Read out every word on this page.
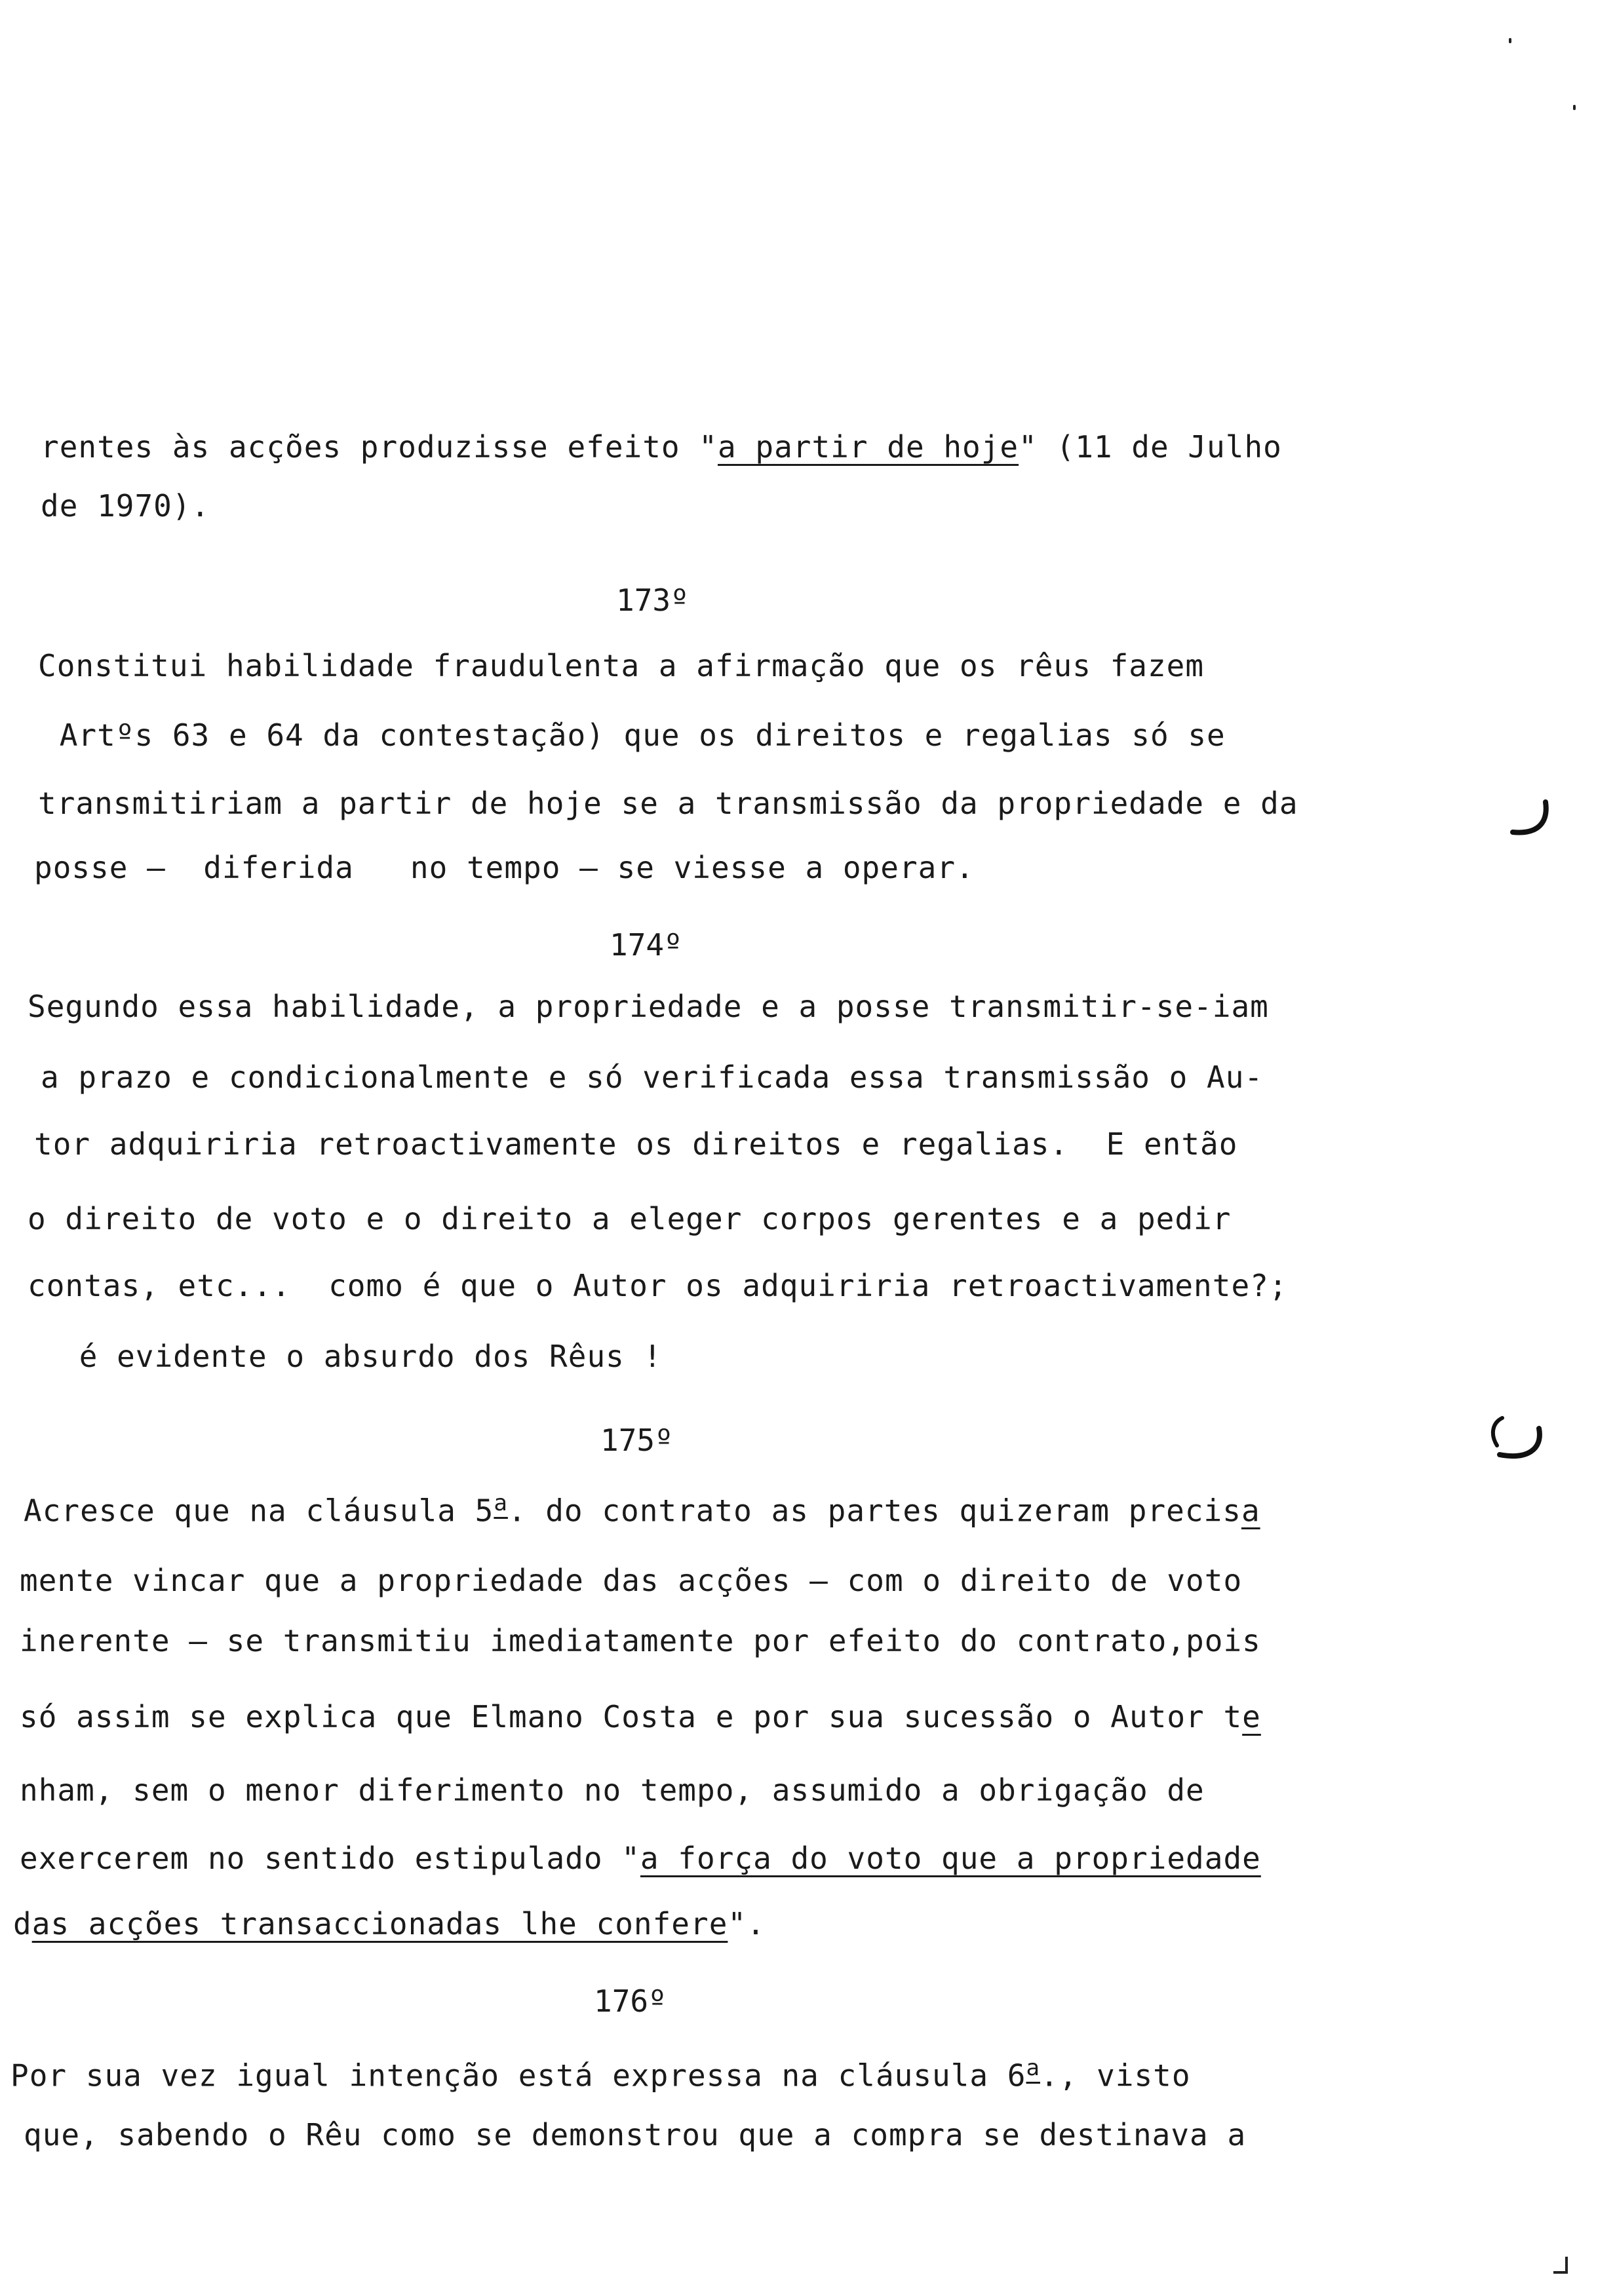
rentes às acções produzisse efeito "a partir de hoje" (11 de Julho
de 1970).
173º
Constitui habilidade fraudulenta a afirmação que os rêus fazem
Artºs 63 e 64 da contestação) que os direitos e regalias só se
transmitiriam a partir de hoje se a transmissão da propriedade e da
posse —  diferida   no tempo — se viesse a operar.
174º
Segundo essa habilidade, a propriedade e a posse transmitir-se-iam
a prazo e condicionalmente e só verificada essa transmissão o Au-
tor adquiriria retroactivamente os direitos e regalias.  E então
o direito de voto e o direito a eleger corpos gerentes e a pedir
contas, etc...  como é que o Autor os adquiriria retroactivamente?;
é evidente o absurdo dos Rêus !
175º
Acresce que na cláusula 5$^a$. do contrato as partes quizeram precisa
mente vincar que a propriedade das acções — com o direito de voto
inerente — se transmitiu imediatamente por efeito do contrato,pois
só assim se explica que Elmano Costa e por sua sucessão o Autor te
nham, sem o menor diferimento no tempo, assumido a obrigação de
exercerem no sentido estipulado "a força do voto que a propriedade
das acções transaccionadas lhe confere".
176º
Por sua vez igual intenção está expressa na cláusula 6$^a$., visto
que, sabendo o Rêu como se demonstrou que a compra se destinava a
